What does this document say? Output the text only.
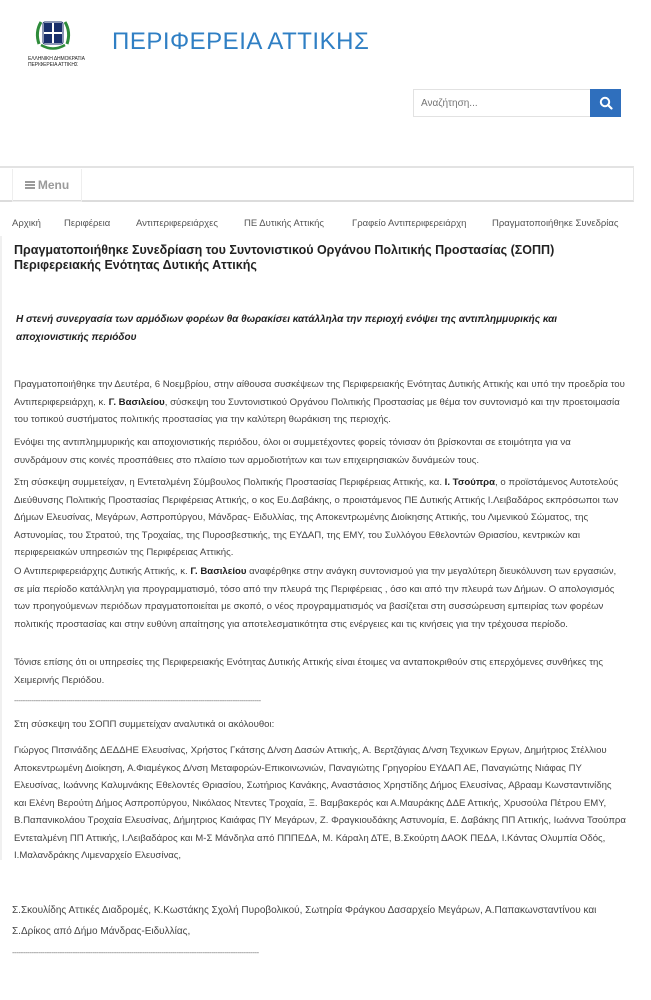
ΕΛΛΗΝΙΚΗ ΔΗΜΟΚΡΑΤΙΑ
ΠΕΡΙΦΕΡΕΙΑ ΑΤΤΙΚΗΣ
ΠΕΡΙΦΕΡΕΙΑ ΑΤΤΙΚΗΣ
Αναζήτηση...
Menu
Αρχική Περιφέρεια	Αντιπεριφερειάρχες	ΠΕ Δυτικής Αττικής	Γραφείο Αντιπεριφερειάρχη	Πραγματοποιήθηκε Συνεδρίας
Πραγματοποιήθηκε Συνεδρίαση του Συντονιστικού Οργάνου Πολιτικής Προστασίας (ΣΟΠΠ) Περιφερειακής Ενότητας Δυτικής Αττικής

Η στενή συνεργασία των αρμόδιων φορέων θα θωρακίσει κατάλληλα την περιοχή ενόψει της αντιπλημμυρικής και αποχιονιστικής περιόδου

Πραγματοποιήθηκε την Δευτέρα, 6 Νοεμβρίου, στην αίθουσα συσκέψεων της Περιφερειακής Ενότητας Δυτικής Αττικής και υπό την προεδρία του Αντιπεριφερειάρχη, κ. Γ. Βασιλείου, σύσκεψη του Συντονιστικού Οργάνου Πολιτικής Προστασίας με θέμα τον συντονισμό και την προετοιμασία του τοπικού συστήματος πολιτικής προστασίας για την καλύτερη θωράκιση της περιοχής.

Ενόψει της αντιπλημμυρικής και αποχιονιστικής περιόδου, όλοι οι συμμετέχοντες φορείς τόνισαν ότι βρίσκονται σε ετοιμότητα για να συνδράμουν στις κοινές προσπάθειες στο πλαίσιο των αρμοδιοτήτων και των επιχειρησιακών δυνάμεών τους.

Στη σύσκεψη συμμετείχαν, η Εντεταλμένη Σύμβουλος Πολιτικής Προστασίας Περιφέρειας Αττικής, κα. Ι. Τσούπρα, ο προϊστάμενος Αυτοτελούς Διεύθυνσης Πολιτικής Προστασίας Περιφέρειας Αττικής, ο κος Ευ.Δαβάκης, ο προιστάμενος ΠΕ Δυτικής Αττικής Ι.Λειβαδάρος εκπρόσωποι των Δήμων Ελευσίνας, Μεγάρων, Ασπροπύργου, Μάνδρας- Ειδυλλίας, της Αποκεντρωμένης Διοίκησης Αττικής, του Λιμενικού Σώματος, της Αστυνομίας, του Στρατού, της Τροχαίας, της Πυροσβεστικής, της ΕΥΔΑΠ, της ΕΜΥ, του Συλλόγου Εθελοντών Θριασίου, κεντρικών και περιφερειακών υπηρεσιών της Περιφέρειας Αττικής.

Ο Αντιπεριφερειάρχης Δυτικής Αττικής, κ. Γ. Βασιλείου αναφέρθηκε στην ανάγκη συντονισμού για την μεγαλύτερη διευκόλυνση των εργασιών, σε μία περίοδο κατάλληλη για προγραμματισμό, τόσο από την πλευρά της Περιφέρειας , όσο και από την πλευρά των Δήμων. Ο απολογισμός των προηγούμενων περιόδων πραγματοποιείται με σκοπό, ο νέος προγραμματισμός να βασίζεται στη συσσώρευση εμπειρίας των φορέων πολιτικής προστασίας και στην ευθύνη απαίτησης για αποτελεσματικότητα στις ενέργειες και τις κινήσεις για την τρέχουσα περίοδο.

Τόνισε επίσης ότι οι υπηρεσίες της Περιφερειακής Ενότητας Δυτικής Αττικής είναι έτοιμες να ανταποκριθούν στις επερχόμενες συνθήκες της Χειμερινής Περιόδου.

------------------------------------------------------------------------------------------------------------------

Στη σύσκεψη του ΣΟΠΠ συμμετείχαν αναλυτικά οι ακόλουθοι:

Γιώργος Πιτσινάδης ΔΕΔΔΗΕ Ελευσίνας, Χρήστος Γκάτσης Δ/νση Δασών Αττικής, Α. Βερτζάγιας Δ/νση Τεχνικων Εργων, Δημήτριος Στέλλιου Αποκεντρωμένη Διοίκηση, Α.Φιαμέγκος Δ/νση Μεταφορών-Επικοινωνιών, Παναγιώτης Γρηγορίου ΕΥΔΑΠ ΑΕ, Παναγιώτης Νιάφας ΠΥ Ελευσίνας, Ιωάννης Καλυμνάκης Εθελοντές Θριασίου, Σωτήριος Κανάκης, Αναστάσιος Χρηστίδης Δήμος Ελευσίνας, Αβρααμ Κωνσταντινίδης και Ελένη Βερούτη Δήμος Ασπροπύργου, Νικόλαος Ντεντες Τροχαία, Ξ. Βαμβακερός και Α.Μαυράκης ΔΔΕ Αττικής, Χρυσούλα Πέτρου ΕΜΥ, Β.Παπανικολάου Τροχαία Ελευσίνας, Δήμητριος Καιάφας ΠΥ Μεγάρων, Ζ. Φραγκιουδάκης Αστυνομία, Ε. Δαβάκης ΠΠ Αττικής, Ιωάννα Τσούπρα Εντεταλμένη ΠΠ Αττικής, Ι.Λειβαδάρος και Μ-Σ Μάνδηλα από ΠΠΠΕΔΑ, Μ. Κάραλη ΔΤΕ, Β.Σκούρτη ΔΑΟΚ ΠΕΔΑ, Ι.Κάντας Ολυμπία Οδός, Ι.Μαλανδράκης Λιμεναρχείο Ελευσίνας,

Σ.Σκουλίδης Αττικές Διαδρομές, Κ.Κωστάκης Σχολή Πυροβολικού, Σωτηρία Φράγκου Δασαρχείο Μεγάρων, Α.Παπακωνσταντίνου και Σ.Δρίκος από Δήμο Μάνδρας-Ειδυλλίας,

------------------------------------------------------------------------------------------------------------------
